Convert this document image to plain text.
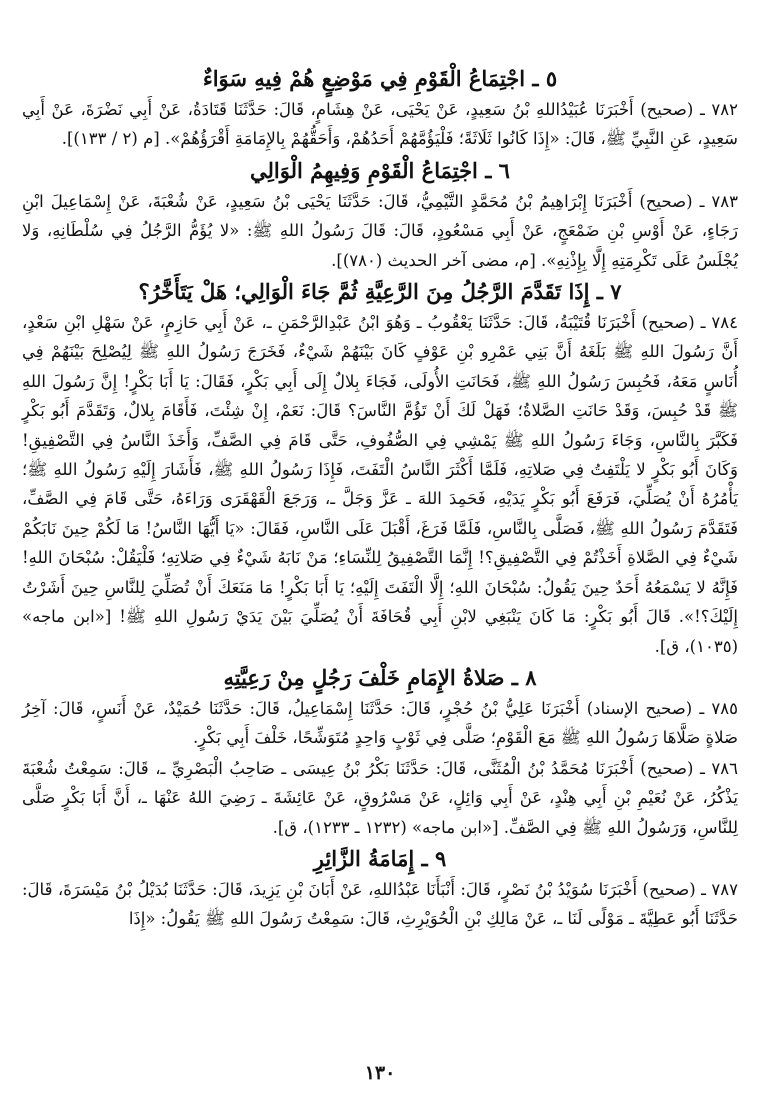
٥ ـ اجْتِمَاعُ الْقَوْمِ فِي مَوْضِعٍ هُمْ فِيهِ سَوَاءٌ

٧٨٢ ـ (صحيح) أَخْبَرَنَا عُبَيْدُاللهِ بْنُ سَعِيدٍ، عَنْ يَحْيَى، عَنْ هِشَامٍ، قَالَ: حَدَّثَنَا قَتَادَةُ، عَنْ أَبِي نَضْرَةَ، عَنْ أَبِي سَعِيدٍ، عَنِ النَّبِيِّ ﷺ، قَالَ: «إِذَا كَانُوا ثَلَاثَةً؛ فَلْيَؤُمَّهُمْ أَحَدُهُمْ، وَأَحَقُّهُمْ بِالإِمَامَةِ أَقْرَؤُهُمْ». [م (٢ / ١٣٣)].

٦ ـ اجْتِمَاعُ الْقَوْمِ وَفِيهِمُ الْوَالِي

٧٨٣ ـ (صحيح) أَخْبَرَنَا إِبْرَاهِيمُ بْنُ مُحَمَّدٍ التَّيْمِيُّ، قَالَ: حَدَّثَنَا يَحْيَى بْنُ سَعِيدٍ، عَنْ شُعْبَةَ، عَنْ إِسْمَاعِيلَ ابْنِ رَجَاءٍ، عَنْ أَوْسِ بْنِ ضَمْعَجٍ، عَنْ أَبِي مَسْعُودٍ، قَالَ: قَالَ رَسُولُ اللهِ ﷺ: «لا يُؤَمُّ الرَّجُلُ فِي سُلْطَانِهِ، وَلا يُجْلَسُ عَلَى تَكْرِمَتِهِ إِلَّا بِإِذْنِهِ». [م، مضى آخر الحديث (٧٨٠)].

٧ ـ إِذَا تَقَدَّمَ الرَّجُلُ مِنَ الرَّعِيَّةِ ثُمَّ جَاءَ الْوَالِي؛ هَلْ يَتَأَخَّرُ؟

٧٨٤ ـ (صحيح) أَخْبَرَنَا قُتَيْبَةُ، قَالَ: حَدَّثَنَا يَعْقُوبُ ـ وَهُوَ ابْنُ عَبْدِالرَّحْمَنِ ـ، عَنْ أَبِي حَازِمٍ، عَنْ سَهْلِ ابْنِ سَعْدٍ، أَنَّ رَسُولَ اللهِ ﷺ بَلَغَهُ أَنَّ بَنِي عَمْرِو بْنِ عَوْفٍ كَانَ بَيْنَهُمْ شَيْءٌ، فَخَرَجَ رَسُولُ اللهِ ﷺ لِيُصْلِحَ بَيْنَهُمْ فِي أُنَاسٍ مَعَهُ، فَحُبِسَ رَسُولُ اللهِ ﷺ، فَحَانَتِ الأُولَى، فَجَاءَ بِلالٌ إِلَى أَبِي بَكْرٍ، فَقَالَ: يَا أَبَا بَكْرٍ! إِنَّ رَسُولَ اللهِ ﷺ قَدْ حُبِسَ، وَقَدْ حَانَتِ الصَّلاةُ؛ فَهَلْ لَكَ أَنْ تَؤُمَّ النَّاسَ؟ قَالَ: نَعَمْ، إِنْ شِئْتَ، فَأَقَامَ بِلالٌ، وَتَقَدَّمَ أَبُو بَكْرٍ فَكَبَّرَ بِالنَّاسِ، وَجَاءَ رَسُولُ اللهِ ﷺ يَمْشِي فِي الصُّفُوفِ، حَتَّى قَامَ فِي الصَّفِّ، وَأَخَذَ النَّاسُ فِي التَّصْفِيقِ! وَكَانَ أَبُو بَكْرٍ لا يَلْتَفِتُ فِي صَلاتِهِ، فَلَمَّا أَكْثَرَ النَّاسُ الْتَفَتَ، فَإِذَا رَسُولُ اللهِ ﷺ، فَأَشَارَ إِلَيْهِ رَسُولُ اللهِ ﷺ؛ يَأْمُرُهُ أَنْ يُصَلِّيَ، فَرَفَعَ أَبُو بَكْرٍ يَدَيْهِ، فَحَمِدَ اللهَ ـ عَزَّ وَجَلَّ ـ، وَرَجَعَ الْقَهْقَرَى وَرَاءَهُ، حَتَّى قَامَ فِي الصَّفِّ، فَتَقَدَّمَ رَسُولُ اللهِ ﷺ، فَصَلَّى بِالنَّاسِ، فَلَمَّا فَرَغَ، أَقْبَلَ عَلَى النَّاسِ، فَقَالَ: «يَا أَيُّهَا النَّاسُ! مَا لَكُمْ حِينَ نَابَكُمْ شَيْءٌ فِي الصَّلاةِ أَخَذْتُمْ فِي التَّصْفِيقِ؟! إِنَّمَا التَّصْفِيقُ لِلنِّسَاءِ؛ مَنْ نَابَهُ شَيْءٌ فِي صَلاتِهِ؛ فَلْيَقُلْ: سُبْحَانَ اللهِ! فَإِنَّهُ لا يَسْمَعُهُ أَحَدٌ حِينَ يَقُولُ: سُبْحَانَ اللهِ؛ إِلَّا الْتَفَتَ إِلَيْهِ؛ يَا أَبَا بَكْرٍ! مَا مَنَعَكَ أَنْ تُصَلِّيَ لِلنَّاسِ حِينَ أَشَرْتُ إِلَيْكَ؟!». قَالَ أَبُو بَكْرٍ: مَا كَانَ يَنْبَغِي لابْنِ أَبِي قُحَافَةَ أَنْ يُصَلِّيَ بَيْنَ يَدَيْ رَسُولِ اللهِ ﷺ! [«ابن ماجه» (١٠٣٥)، ق].

٨ ـ صَلاةُ الإِمَامِ خَلْفَ رَجُلٍ مِنْ رَعِيَّتِهِ

٧٨٥ ـ (صحيح الإسناد) أَخْبَرَنَا عَلِيُّ بْنُ حُجْرٍ، قَالَ: حَدَّثَنَا إِسْمَاعِيلُ، قَالَ: حَدَّثَنَا حُمَيْدٌ، عَنْ أَنَسٍ، قَالَ: آخِرُ صَلاةٍ صَلَّاهَا رَسُولُ اللهِ ﷺ مَعَ الْقَوْمِ؛ صَلَّى فِي ثَوْبٍ وَاحِدٍ مُتَوَشِّحًا، خَلْفَ أَبِي بَكْرٍ.

٧٨٦ ـ (صحيح) أَخْبَرَنَا مُحَمَّدُ بْنُ الْمُثَنَّى، قَالَ: حَدَّثَنَا بَكْرُ بْنُ عِيسَى ـ صَاحِبُ الْبَصْرِيِّ ـ، قَالَ: سَمِعْتُ شُعْبَةَ يَذْكُرُ، عَنْ نُعَيْمِ بْنِ أَبِي هِنْدٍ، عَنْ أَبِي وَائِلٍ، عَنْ مَسْرُوقٍ، عَنْ عَائِشَةَ ـ رَضِيَ اللهُ عَنْهَا ـ، أَنَّ أَبَا بَكْرٍ صَلَّى لِلنَّاسِ، وَرَسُولُ اللهِ ﷺ فِي الصَّفِّ. [«ابن ماجه» (١٢٣٢ ـ ١٢٣٣)، ق].

٩ ـ إِمَامَةُ الزَّائِرِ

٧٨٧ ـ (صحيح) أَخْبَرَنَا سُوَيْدُ بْنُ نَصْرٍ، قَالَ: أَنْبَأَنَا عَبْدُاللهِ، عَنْ أَبَانَ بْنِ يَزِيدَ، قَالَ: حَدَّثَنَا بُدَيْلُ بْنُ مَيْسَرَةَ، قَالَ: حَدَّثَنَا أَبُو عَطِيَّةَ ـ مَوْلًى لَنَا ـ، عَنْ مَالِكِ بْنِ الْحُوَيْرِثِ، قَالَ: سَمِعْتُ رَسُولَ اللهِ ﷺ يَقُولُ: «إِذَا

١٣٠
